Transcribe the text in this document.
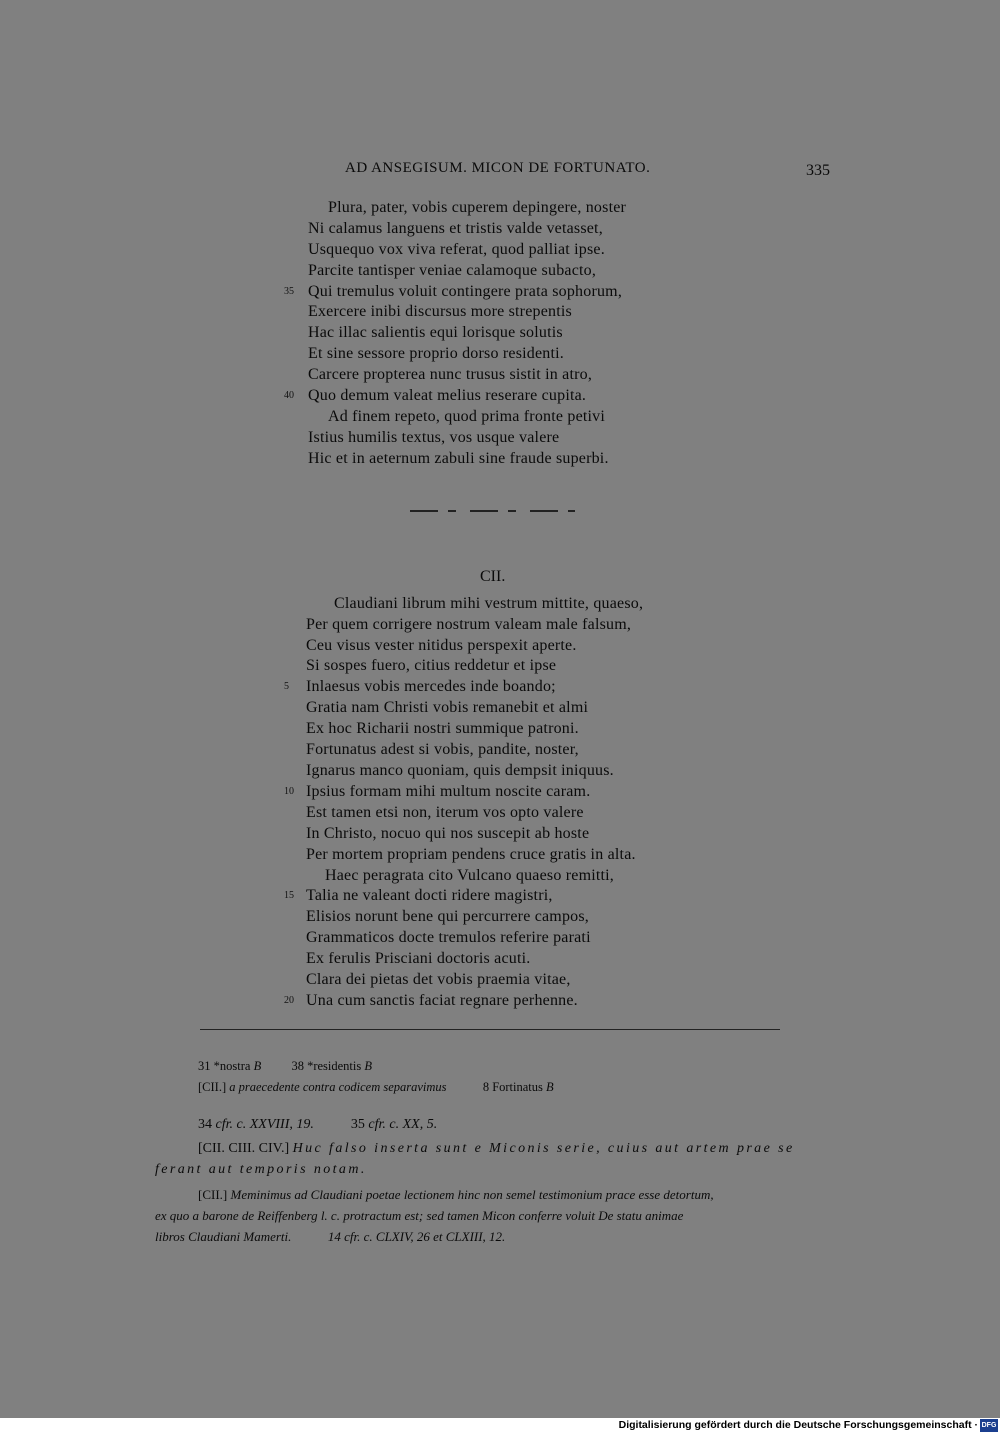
AD ANSEGISUM. MICON DE FORTUNATO.	335
Plura, pater, vobis cuperem depingere, noster
Ni calamus languens et tristis valde vetasset,
Usquequo vox viva referat, quod palliat ipse.
Parcite tantisper veniae calamoque subacto,
35 Qui tremulus voluit contingere prata sophorum,
Exercere inibi discursus more strepentis
Hac illac salientis equi lorisque solutis
Et sine sessore proprio dorso residenti.
Carcere propterea nunc trusus sistit in atro,
40 Quo demum valeat melius reserare cupita.
Ad finem repeto, quod prima fronte petivi
Istius humilis textus, vos usque valere
Hic et in aeternum zabuli sine fraude superbi.
CII.
Claudiani librum mihi vestrum mittite, quaeso,
Per quem corrigere nostrum valeam male falsum,
Ceu visus vester nitidus perspexit aperte.
Si sospes fuero, citius reddetur et ipse
5 Inlaesus vobis mercedes inde boando;
Gratia nam Christi vobis remanebit et almi
Ex hoc Richarii nostri summique patroni.
Fortunatus adest si vobis, pandite, noster,
Ignarus manco quoniam, quis dempsit iniquus.
10 Ipsius formam mihi multum noscite caram.
Est tamen etsi non, iterum vos opto valere
In Christo, nocuo qui nos suscepit ab hoste
Per mortem propriam pendens cruce gratis in alta.
Haec peragrata cito Vulcano quaeso remitti,
15 Talia ne valeant docti ridere magistri,
Elisios norunt bene qui percurrere campos,
Grammaticos docte tremulos referire parati
Ex ferulis Prisciani doctoris acuti.
Clara dei pietas det vobis praemia vitae,
20 Una cum sanctis faciat regnare perhenne.
31 *nostra B 38 *residentis B
[CII.] a praecedente contra codicem separavimus	8 Fortinatus B
34 cfr. c. XXVIII, 19.	35 cfr. c. XX, 5.
[CII. CIII. CIV.] Huc falso inserta sunt e Miconis serie, cuius aut artem prae se
ferant aut temporis notam.
[CII.] Meminimus ad Claudiani poetae lectionem hinc non semel testimonium prace esse detortum,
ex quo a barone de Reiffenberg l. c. protractum est; sed tamen Micon conferre voluit De statu animae
libros Claudiani Mamerti.	14 cfr. c. CLXIV, 26 et CLXIII, 12.
Digitalisierung gefördert durch die Deutsche Forschungsgemeinschaft · DFG
